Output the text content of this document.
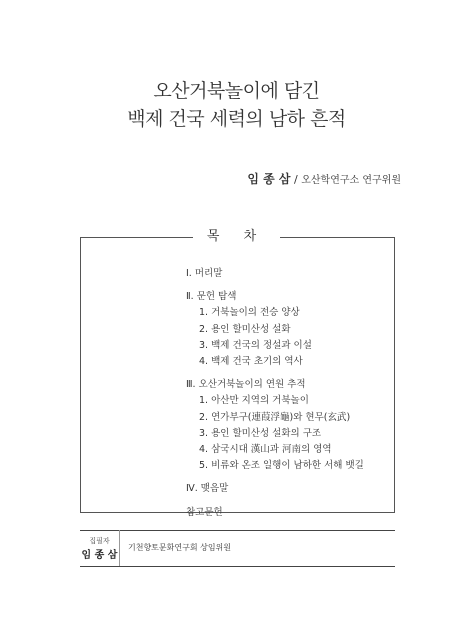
오산거북놀이에 담긴
백제 건국 세력의 남하 흔적
임 종 삼 / 오산학연구소 연구위원
목 차
Ⅰ. 머리말
Ⅱ. 문헌 탐색
1. 거북놀이의 전승 양상
2. 용인 할미산성 설화
3. 백제 건국의 정설과 이설
4. 백제 건국 초기의 역사
Ⅲ. 오산거북놀이의 연원 추적
1. 아산만 지역의 거북놀이
2. 연가부구(連葭浮龜)와 현무(玄武)
3. 용인 할미산성 설화의 구조
4. 삼국시대 漢山과 河南의 영역
5. 비류와 온조 일행이 남하한 서해 뱃길
Ⅳ. 맺음말
참고문헌
집필자
임 종 삼
기천향토문화연구회 상임위원
